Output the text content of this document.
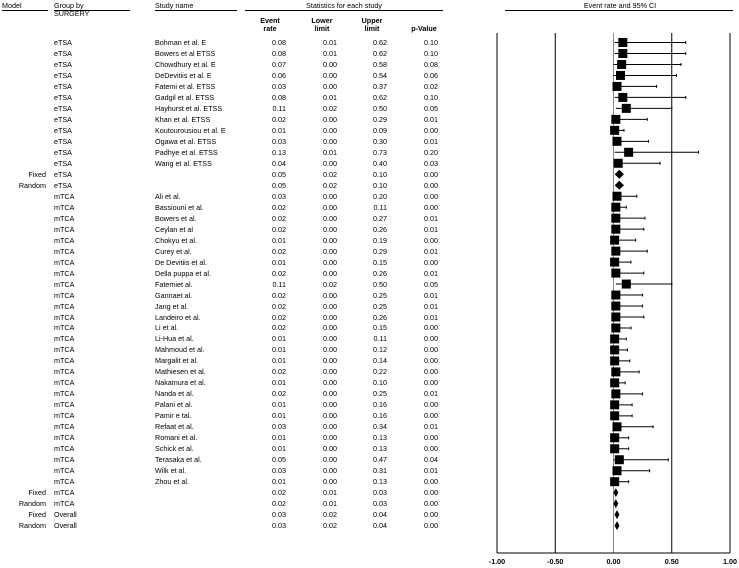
Model	Group by
SURGERY
Study name	Statistics for each study
Event
rate
Lower
limit
Upper
limit	p-Value
Event rate and 95% CI
eTSA	Bohman et al. E	0.08	0.01	0.62	0.10
eTSA	Bowers et al ETSS	0.08	0.01	0.62	0.10
eTSA	Chowdhury et al. E	0.07	0.00	0.58	0.08
eTSA	DeDevitiis et al. E	0.06	0.00	0.54	0.06
eTSA	Fatemi et al. ETSS	0.03	0.00	0.37	0.02
eTSA	Gadgil et al. ETSS	0.08	0.01	0.62	0.10
eTSA	Hayhurst et al. ETSS	0.11	0.02	0.50	0.05
eTSA	Khan et al. ETSS	0.02	0.00	0.29	0.01
eTSA	Koutourousiou et al. E	0.01	0.00	0.09	0.00
eTSA	Ogawa et al. ETSS	0.03	0.00	0.30	0.01
eTSA	Padhye et al. ETSS	0.13	0.01	0.73	0.20
eTSA	Wang et al. ETSS	0.04	0.00	0.40	0.03
Fixed eTSA	0.05	0.02	0.10	0.00
Random eTSA	0.05	0.02	0.10	0.00
mTCA	Ali et al.	0.03	0.00	0.20	0.00
mTCA	Bassiouni et al.	0.02	0.00	0.11	0.00
mTCA	Bowers et al.	0.02	0.00	0.27	0.01
mTCA	Ceylan et al	0.02	0.00	0.26	0.01
mTCA	Chokyu et al.	0.01	0.00	0.19	0.00
mTCA	Curey et al.	0.02	0.00	0.29	0.01
mTCA	De Devitiis et al.	0.01	0.00	0.15	0.00
mTCA	Della puppa et al.	0.02	0.00	0.26	0.01
mTCA	Fatemiet al.	0.11	0.02	0.50	0.05
mTCA	Gannaet al.	0.02	0.00	0.25	0.01
mTCA	Jang et al.	0.02	0.00	0.25	0.01
mTCA	Landeiro et al.	0.02	0.00	0.26	0.01
mTCA	Li et al.	0.02	0.00	0.15	0.00
mTCA	Li-Hua et al.	0.01	0.00	0.11	0.00
mTCA	Mahmoud et al.	0.01	0.00	0.12	0.00
mTCA	Margalit et al.	0.01	0.00	0.14	0.00
mTCA	Mathiesen et al.	0.02	0.00	0.22	0.00
mTCA	Nakamura et al.	0.01	0.00	0.10	0.00
mTCA	Nanda et al.	0.02	0.00	0.25	0.01
mTCA	Palani et al.	0.01	0.00	0.16	0.00
mTCA	Pamir e tal.	0.01	0.00	0.16	0.00
mTCA	Refaat et al.	0.03	0.00	0.34	0.01
mTCA	Romani et al.	0.01	0.00	0.13	0.00
mTCA	Schick et al.	0.01	0.00	0.13	0.00
mTCA	Terasaka et al.	0.05	0.00	0.47	0.04
mTCA	Wilk et al.	0.03	0.00	0.31	0.01
mTCA	Zhou et al.	0.01	0.00	0.13	0.00
Fixed mTCA	0.02	0.01	0.03	0.00
Random mTCA	0.02	0.01	0.03	0.00
Fixed Overall	0.03	0.02	0.04	0.00
Random Overall	0.03	0.02	0.04	0.00
-1.00	-0.50	0.00	0.50	1.00
